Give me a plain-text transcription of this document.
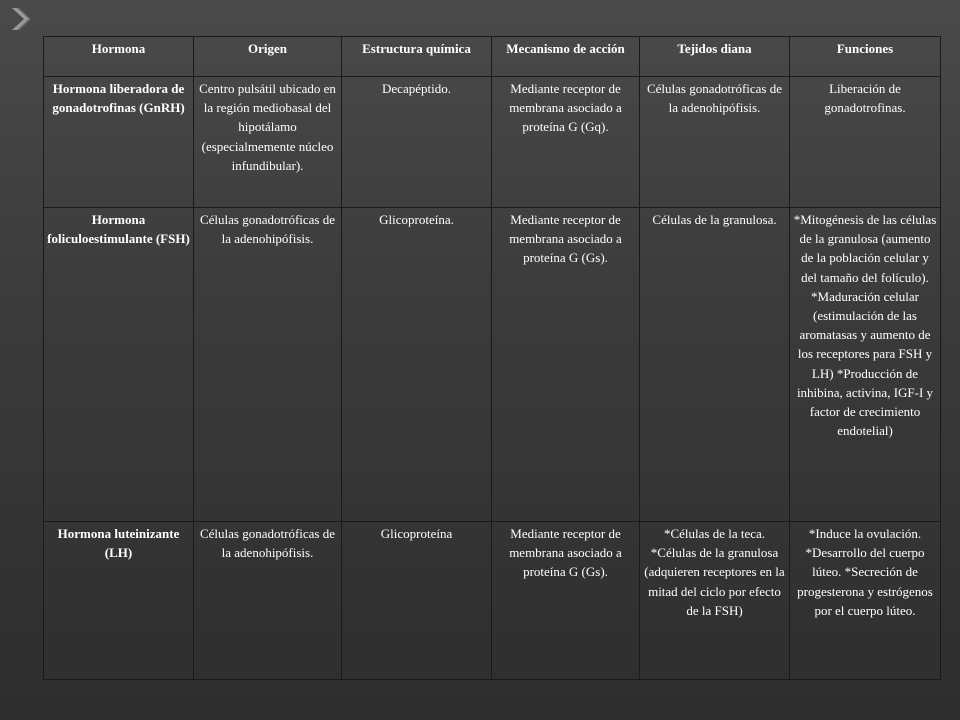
Hormona	Origen	Estructura química	Mecanismo de acción	Tejidos diana	Funciones
Hormona liberadora de gonadotrofinas (GnRH)	Centro pulsátil ubicado en la región mediobasal del hipotálamo (especialmemente núcleo infundibular).	Decapéptido.	Mediante receptor de membrana asociado a proteína G (Gq).	Células gonadotróficas de la adenohipófisis.	Liberación de gonadotrofinas.
Hormona foliculoestimulante (FSH)	Células gonadotróficas de la adenohipófisis.	Glicoproteína.	Mediante receptor de membrana asociado a proteína G (Gs).	Células de la granulosa.	*Mitogénesis de las células de la granulosa (aumento de la población celular y del tamaño del folículo). *Maduración celular (estimulación de las aromatasas y aumento de los receptores para FSH y LH) *Producción de inhibina, activina, IGF-I y factor de crecimiento endotelial)
Hormona luteinizante (LH)	Células gonadotróficas de la adenohipófisis.	Glicoproteína	Mediante receptor de membrana asociado a proteína G (Gs).	*Células de la teca. *Células de la granulosa (adquieren receptores en la mitad del ciclo por efecto de la FSH)	*Induce la ovulación. *Desarrollo del cuerpo lúteo. *Secreción de progesterona y estrógenos por el cuerpo lúteo.
